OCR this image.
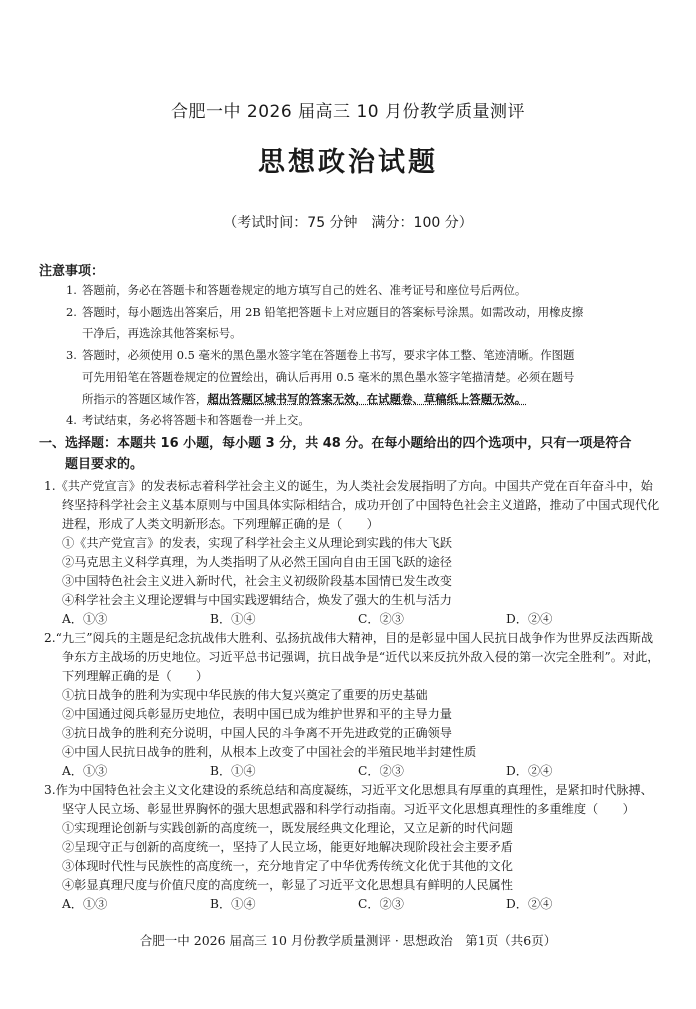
合肥一中 2026 届高三 10 月份教学质量测评
思想政治试题
（考试时间：75 分钟　满分：100 分）
注意事项：
1. 答题前，务必在答题卡和答题卷规定的地方填写自己的姓名、准考证号和座位号后两位。
2. 答题时，每小题选出答案后，用 2B 铅笔把答题卡上对应题目的答案标号涂黑。如需改动，用橡皮擦
干净后，再选涂其他答案标号。
3. 答题时，必须使用 0.5 毫米的黑色墨水签字笔在答题卷上书写，要求字体工整、笔迹清晰。作图题
可先用铅笔在答题卷规定的位置绘出，确认后再用 0.5 毫米的黑色墨水签字笔描清楚。必须在题号
所指示的答题区域作答，超出答题区域书写的答案无效，在试题卷、草稿纸上答题无效。
4. 考试结束，务必将答题卡和答题卷一并上交。
一、选择题：本题共 16 小题，每小题 3 分，共 48 分。在每小题给出的四个选项中，只有一项是符合
题目要求的。
1.《共产党宣言》的发表标志着科学社会主义的诞生，为人类社会发展指明了方向。中国共产党在百年奋斗中，始终坚持科学社会主义基本原则与中国具体实际相结合，成功开创了中国特色社会主义道路，推动了中国式现代化进程，形成了人类文明新形态。下列理解正确的是（　　）
①《共产党宣言》的发表，实现了科学社会主义从理论到实践的伟大飞跃
②马克思主义科学真理，为人类指明了从必然王国向自由王国飞跃的途径
③中国特色社会主义进入新时代，社会主义初级阶段基本国情已发生改变
④科学社会主义理论逻辑与中国实践逻辑结合，焕发了强大的生机与活力
A．①③	B．①④	C．②③	D．②④
2.“九三”阅兵的主题是纪念抗战伟大胜利、弘扬抗战伟大精神，目的是彰显中国人民抗日战争作为世界反法西斯战争东方主战场的历史地位。习近平总书记强调，抗日战争是“近代以来反抗外敌入侵的第一次完全胜利”。对此，下列理解正确的是（　　）
①抗日战争的胜利为实现中华民族的伟大复兴奠定了重要的历史基础
②中国通过阅兵彰显历史地位，表明中国已成为维护世界和平的主导力量
③抗日战争的胜利充分说明，中国人民的斗争离不开先进政党的正确领导
④中国人民抗日战争的胜利，从根本上改变了中国社会的半殖民地半封建性质
A．①③	B．①④	C．②③	D．②④
3.作为中国特色社会主义文化建设的系统总结和高度凝练，习近平文化思想具有厚重的真理性，是紧扣时代脉搏、坚守人民立场、彰显世界胸怀的强大思想武器和科学行动指南。习近平文化思想真理性的多重维度（　　）
①实现理论创新与实践创新的高度统一，既发展经典文化理论，又立足新的时代问题
②呈现守正与创新的高度统一，坚持了人民立场，能更好地解决现阶段社会主要矛盾
③体现时代性与民族性的高度统一，充分地肯定了中华优秀传统文化优于其他的文化
④彰显真理尺度与价值尺度的高度统一，彰显了习近平文化思想具有鲜明的人民属性
A．①③	B．①④	C．②③	D．②④
合肥一中 2026 届高三 10 月份教学质量测评 · 思想政治　第1页（共6页）
